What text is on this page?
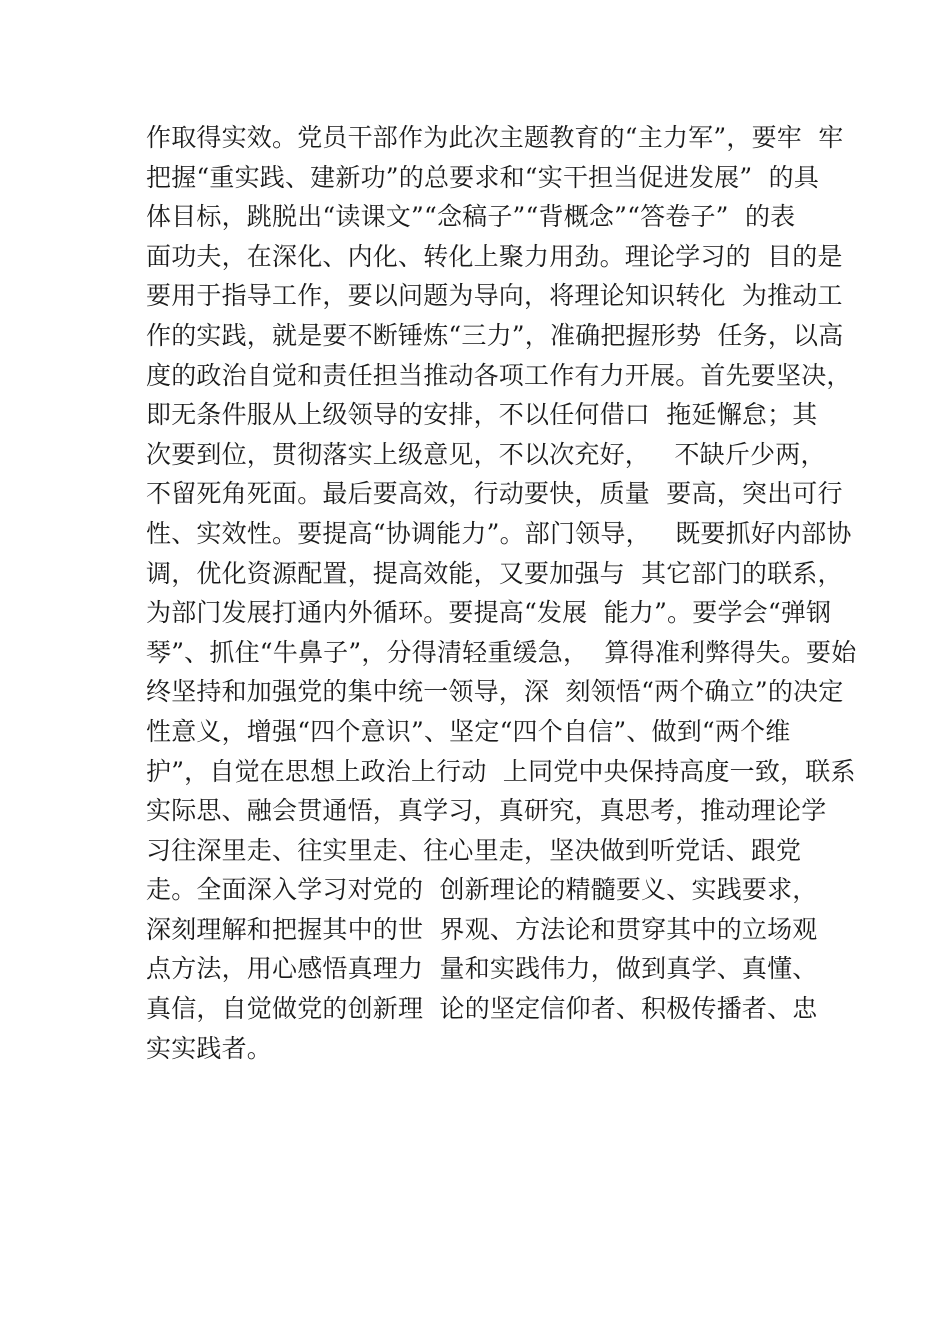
作取得实效。党员干部作为此次主题教育的“主力军”，要牢  牢
把握“重实践、建新功”的总要求和“实干担当促进发展”  的具
体目标，跳脱出“读课文”“念稿子”“背概念”“答卷子”  的表
面功夫，在深化、内化、转化上聚力用劲。理论学习的  目的是
要用于指导工作，要以问题为导向，将理论知识转化  为推动工
作的实践，就是要不断锤炼“三力”，准确把握形势  任务，以高
度的政治自觉和责任担当推动各项工作有力开展。首先要坚决，
即无条件服从上级领导的安排，不以任何借口  拖延懈怠；其
次要到位，贯彻落实上级意见，不以次充好，   不缺斤少两，
不留死角死面。最后要高效，行动要快，质量  要高，突出可行
性、实效性。要提高“协调能力”。部门领导，   既要抓好内部协
调，优化资源配置，提高效能，又要加强与  其它部门的联系，
为部门发展打通内外循环。要提高“发展  能力”。要学会“弹钢
琴”、抓住“牛鼻子”，分得清轻重缓急，  算得准利弊得失。要始
终坚持和加强党的集中统一领导，深  刻领悟“两个确立”的决定
性意义，增强“四个意识”、坚定“四个自信”、做到“两个维
护”，自觉在思想上政治上行动  上同党中央保持高度一致，联系
实际思、融会贯通悟，真学习，真研究，真思考，推动理论学
习往深里走、往实里走、往心里走，坚决做到听党话、跟党
走。全面深入学习对党的  创新理论的精髓要义、实践要求，
深刻理解和把握其中的世  界观、方法论和贯穿其中的立场观
点方法，用心感悟真理力  量和实践伟力，做到真学、真懂、
真信，自觉做党的创新理  论的坚定信仰者、积极传播者、忠
实实践者。
